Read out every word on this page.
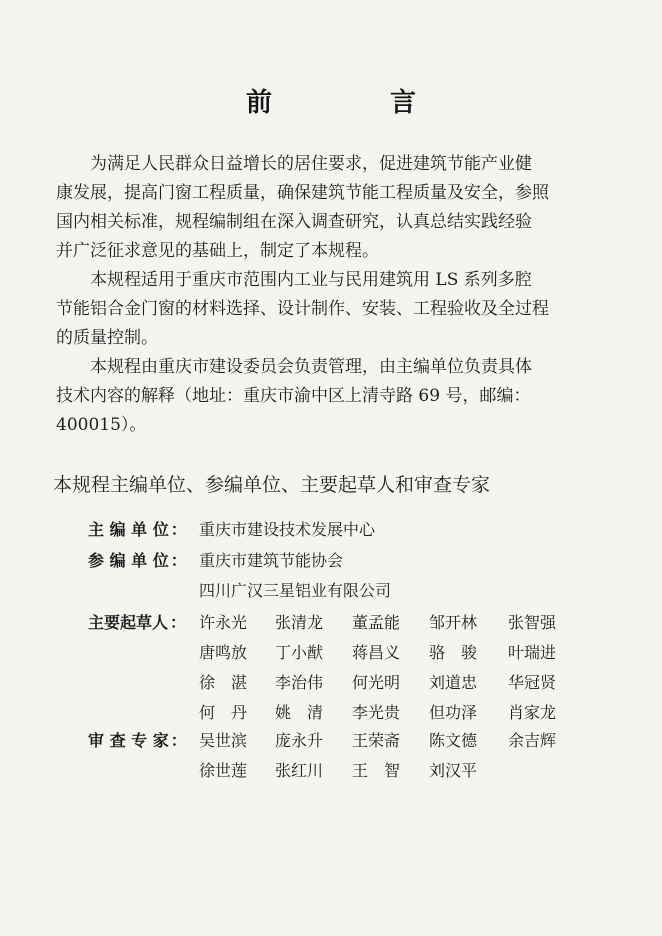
前　言

为满足人民群众日益增长的居住要求，促进建筑节能产业健
康发展，提高门窗工程质量，确保建筑节能工程质量及安全，参照
国内相关标准，规程编制组在深入调查研究，认真总结实践经验
并广泛征求意见的基础上，制定了本规程。

本规程适用于重庆市范围内工业与民用建筑用 LS 系列多腔
节能铝合金门窗的材料选择、设计制作、安装、工程验收及全过程
的质量控制。

本规程由重庆市建设委员会负责管理，由主编单位负责具体
技术内容的解释（地址：重庆市渝中区上清寺路 69 号，邮编：
400015）。

本规程主编单位、参编单位、主要起草人和审查专家
主 编 单 位 ： 重庆市建设技术发展中心
参 编 单 位 ： 重庆市建筑节能协会
四川广汉三星铝业有限公司
主要起草人 ： 许永光	张清龙	董孟能	邹开林	张智强
唐鸣放	丁小猷	蒋昌义	骆　骏	叶瑞进
徐　湛	李治伟	何光明	刘道忠	华冠贤
何　丹	姚　清	李光贵	但功泽	肖家龙
审 查 专 家 ： 吴世滨	庞永升	王荣斋	陈文德	余吉辉
徐世莲	张红川	王　智	刘汉平
